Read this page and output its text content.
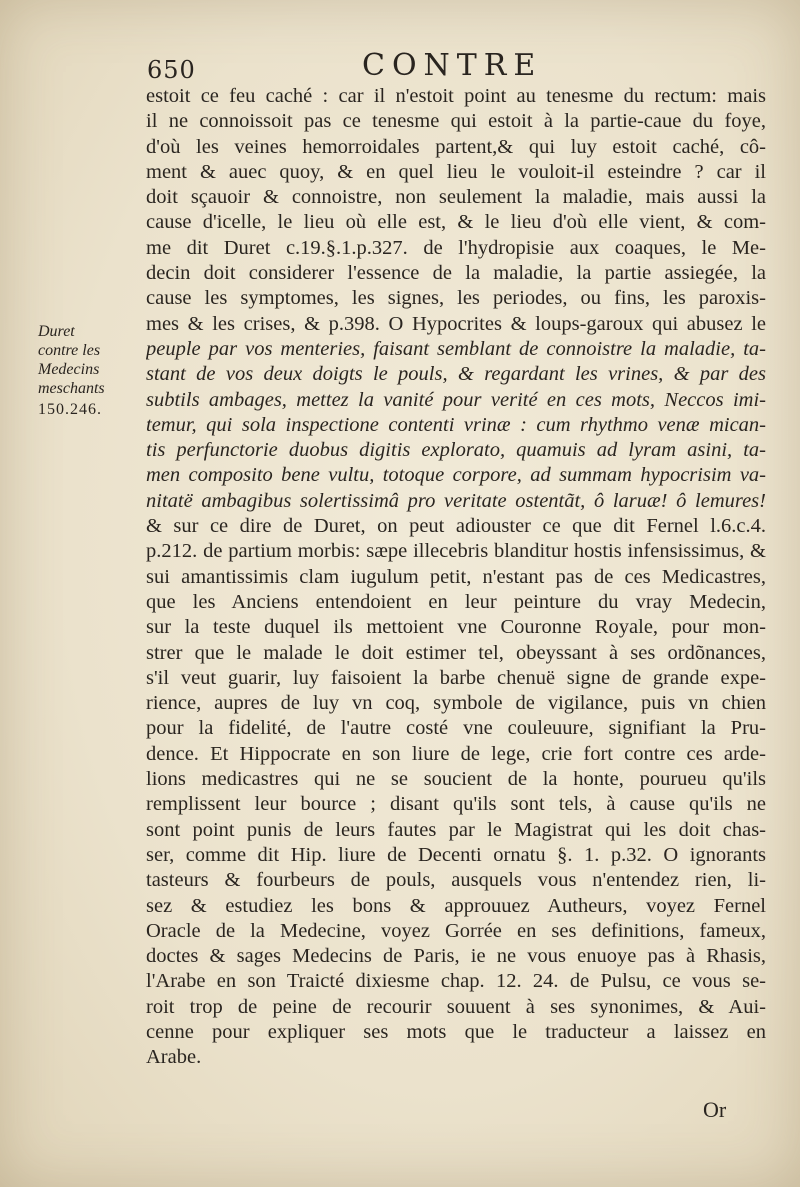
650	CONTRE
estoit ce feu caché : car il n'estoit point au tenesme du rectum: mais
il ne connoissoit pas ce tenesme qui estoit à la partie-caue du foye,
d'où les veines hemorroidales partent,& qui luy estoit caché, cô-
ment & auec quoy, & en quel lieu le vouloit-il esteindre ? car il
doit sçauoir & connoistre, non seulement la maladie, mais aussi la
cause d'icelle, le lieu où elle est, & le lieu d'où elle vient, & com-
me dit Duret c.19.§.1.p.327. de l'hydropisie aux coaques, le Me-
decin doit considerer l'essence de la maladie, la partie assiegée, la
cause les symptomes, les signes, les periodes, ou fins, les paroxis-
mes & les crises, & p.398. O Hypocrites & loups-garoux qui abusez le
peuple par vos menteries, faisant semblant de connoistre la maladie, ta-
stant de vos deux doigts le pouls, & regardant les vrines, & par des
subtils ambages, mettez la vanité pour verité en ces mots, Neccos imi-
temur, qui sola inspectione contenti vrinæ : cum rhythmo venæ mican-
tis perfunctorie duobus digitis explorato, quamuis ad lyram asini, ta-
men composito bene vultu, totoque corpore, ad summam hypocrisim va-
nitatë ambagibus solertissimâ pro veritate ostentãt, ô laruæ! ô lemures!
& sur ce dire de Duret, on peut adiouster ce que dit Fernel l.6.c.4.
p.212. de partium morbis: sæpe illecebris blanditur hostis infensissimus, &
sui amantissimis clam iugulum petit, n'estant pas de ces Medicastres,
que les Anciens entendoient en leur peinture du vray Medecin,
sur la teste duquel ils mettoient vne Couronne Royale, pour mon-
strer que le malade le doit estimer tel, obeyssant à ses ordõnances,
s'il veut guarir, luy faisoient la barbe chenuë signe de grande expe-
rience, aupres de luy vn coq, symbole de vigilance, puis vn chien
pour la fidelité, de l'autre costé vne couleuure, signifiant la Pru-
dence. Et Hippocrate en son liure de lege, crie fort contre ces arde-
lions medicastres qui ne se soucient de la honte, pourueu qu'ils
remplissent leur bource ; disant qu'ils sont tels, à cause qu'ils ne
sont point punis de leurs fautes par le Magistrat qui les doit chas-
ser, comme dit Hip. liure de Decenti ornatu §. 1. p.32. O ignorants
tasteurs & fourbeurs de pouls, ausquels vous n'entendez rien, li-
sez & estudiez les bons & approuuez Autheurs, voyez Fernel
Oracle de la Medecine, voyez Gorrée en ses definitions, fameux,
doctes & sages Medecins de Paris, ie ne vous enuoye pas à Rhasis,
l'Arabe en son Traicté dixiesme chap. 12. 24. de Pulsu, ce vous se-
roit trop de peine de recourir souuent à ses synonimes, & Aui-
cenne pour expliquer ses mots que le traducteur a laissez en
Arabe.
Duret
contre les
Medecins
meschants
150.246.
Or
